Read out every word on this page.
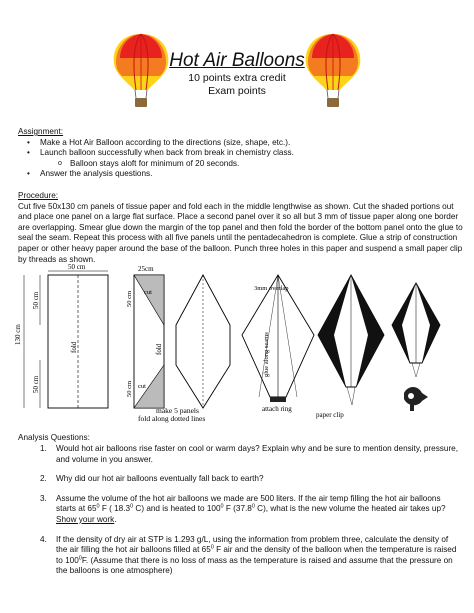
Hot Air Balloons
10 points extra credit
Exam points
Assignment:
• Make a Hot Air Balloon according to the directions (size, shape, etc.).
• Launch balloon successfully when back from break in chemistry class.
o Balloon stays aloft for minimum of 20 seconds.
• Answer the analysis questions.
Procedure:
Cut five 50x130 cm panels of tissue paper and fold each in the middle lengthwise as shown. Cut the shaded portions out and place one panel on a large flat surface. Place a second panel over it so all but 3 mm of tissue paper along one border are overlapping. Smear glue down the margin of the top panel and then fold the border of the bottom panel onto the glue to seal the seam. Repeat this process with all five panels until the pentadecahedron is complete. Glue a strip of construction paper or other heavy paper around the base of the balloon. Punch three holes in this paper and suspend a small paper clip by threads as shown.
50 cm
130 cm
50 cm
50 cm
fold
25cm
50 cm cut
fold
50 cm cut
make 5 panels
fold along dotted lines
3mm overlap
glue along seams
attach ring
paper clip
Analysis Questions:
1. Would hot air balloons rise faster on cool or warm days? Explain why and be sure to mention density, pressure, and volume in you answer.
2. Why did our hot air balloons eventually fall back to earth?
3. Assume the volume of the hot air balloons we made are 500 liters. If the air temp filling the hot air balloons starts at $65^0$ F ( 18.3$^0$ C) and is heated to $100^0$ F (37.8$^0$ C), what is the new volume the heated air takes up? Show your work.
4. If the density of dry air at STP is 1.293 g/L, using the information from problem three, calculate the density of the air filling the hot air balloons filled at $65^0$ F air and the density of the balloon when the temperature is raised to $100^0F$. (Assume that there is no loss of mass as the temperature is raised and assume that the pressure on the balloons is one atmosphere)
